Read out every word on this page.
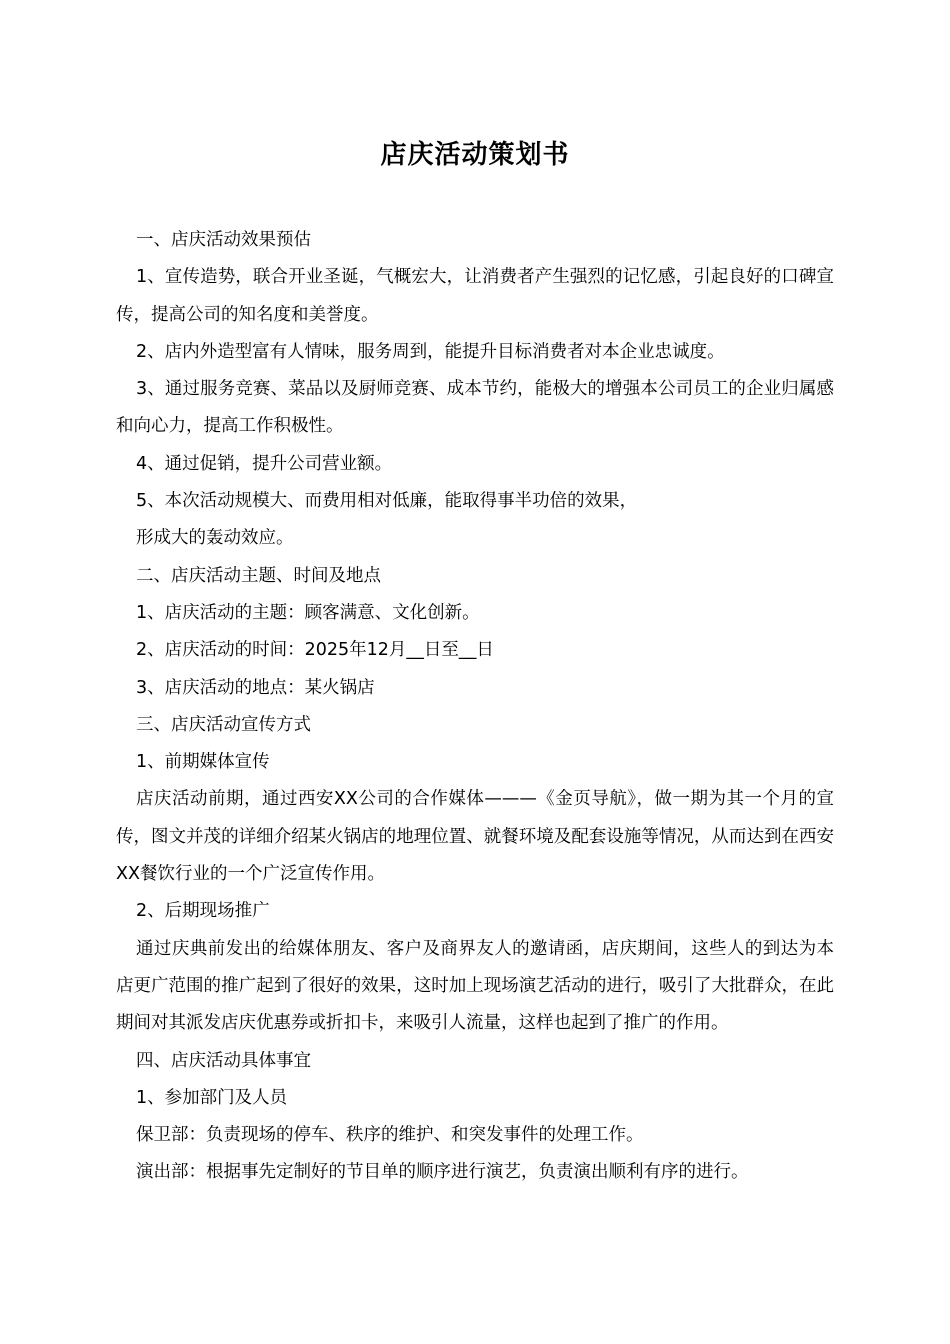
店庆活动策划书

一、店庆活动效果预估

1、宣传造势，联合开业圣诞，气概宏大，让消费者产生强烈的记忆感，引起良好的口碑宣传，提高公司的知名度和美誉度。

2、店内外造型富有人情味，服务周到，能提升目标消费者对本企业忠诚度。

3、通过服务竞赛、菜品以及厨师竞赛、成本节约，能极大的增强本公司员工的企业归属感和向心力，提高工作积极性。

4、通过促销，提升公司营业额。

5、本次活动规模大、而费用相对低廉，能取得事半功倍的效果，

形成大的轰动效应。

二、店庆活动主题、时间及地点

1、店庆活动的主题：顾客满意、文化创新。

2、店庆活动的时间：2025年12月__日至__日

3、店庆活动的地点：某火锅店

三、店庆活动宣传方式

1、前期媒体宣传

店庆活动前期，通过西安XX公司的合作媒体———《金页导航》，做一期为其一个月的宣传，图文并茂的详细介绍某火锅店的地理位置、就餐环境及配套设施等情况，从而达到在西安XX餐饮行业的一个广泛宣传作用。

2、后期现场推广

通过庆典前发出的给媒体朋友、客户及商界友人的邀请函，店庆期间，这些人的到达为本店更广范围的推广起到了很好的效果，这时加上现场演艺活动的进行，吸引了大批群众，在此期间对其派发店庆优惠券或折扣卡，来吸引人流量，这样也起到了推广的作用。

四、店庆活动具体事宜

1、参加部门及人员

保卫部：负责现场的停车、秩序的维护、和突发事件的处理工作。

演出部：根据事先定制好的节目单的顺序进行演艺，负责演出顺利有序的进行。
